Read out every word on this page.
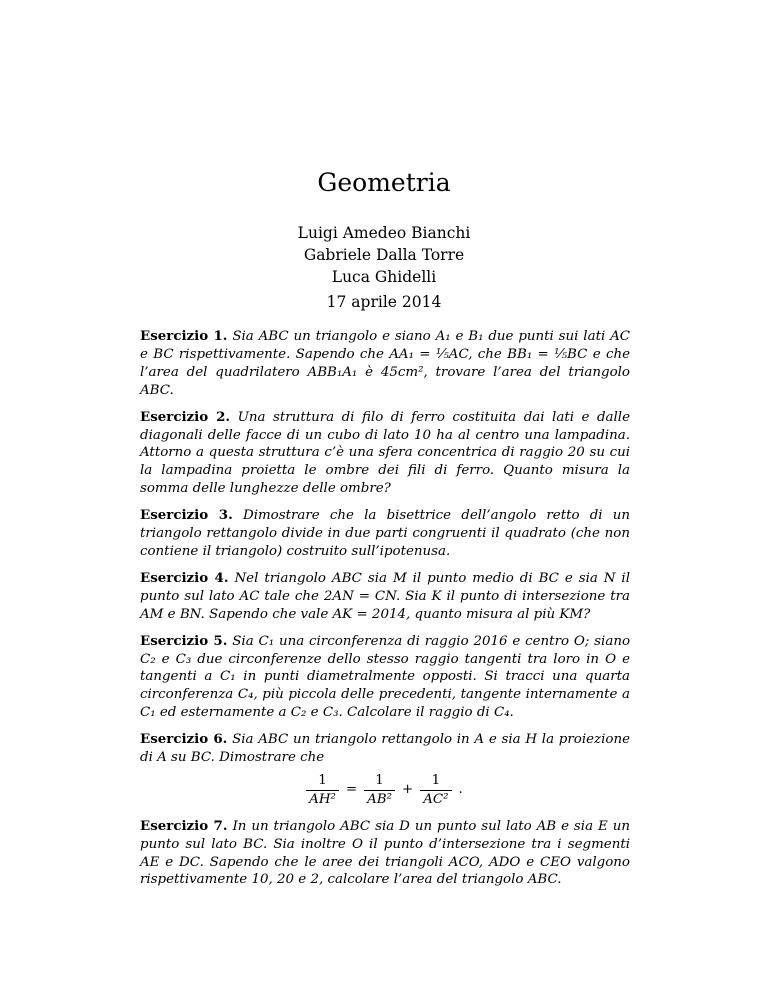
Geometria
Luigi Amedeo Bianchi
Gabriele Dalla Torre
Luca Ghidelli
17 aprile 2014

Esercizio 1. Sia ABC un triangolo e siano A₁ e B₁ due punti sui lati AC e BC rispettivamente. Sapendo che AA₁ = ⅕AC, che BB₁ = ⅕BC e che l’area del quadrilatero ABB₁A₁ è 45cm², trovare l’area del triangolo ABC.

Esercizio 2. Una struttura di filo di ferro costituita dai lati e dalle diagonali delle facce di un cubo di lato 10 ha al centro una lampadina. Attorno a questa struttura c’è una sfera concentrica di raggio 20 su cui la lampadina proietta le ombre dei fili di ferro. Quanto misura la somma delle lunghezze delle ombre?

Esercizio 3. Dimostrare che la bisettrice dell’angolo retto di un triangolo rettangolo divide in due parti congruenti il quadrato (che non contiene il triangolo) costruito sull’ipotenusa.

Esercizio 4. Nel triangolo ABC sia M il punto medio di BC e sia N il punto sul lato AC tale che 2AN = CN. Sia K il punto di intersezione tra AM e BN. Sapendo che vale AK = 2014, quanto misura al più KM?

Esercizio 5. Sia C₁ una circonferenza di raggio 2016 e centro O; siano C₂ e C₃ due circonferenze dello stesso raggio tangenti tra loro in O e tangenti a C₁ in punti diametralmente opposti. Si tracci una quarta circonferenza C₄, più piccola delle precedenti, tangente internamente a C₁ ed esternamente a C₂ e C₃. Calcolare il raggio di C₄.

Esercizio 6. Sia ABC un triangolo rettangolo in A e sia H la proiezione di A su BC. Dimostrare che
$\frac{1}{\text{AH²}} = \frac{1}{\text{AB²}} + \frac{1}{\text{AC²}}$ .

Esercizio 7. In un triangolo ABC sia D un punto sul lato AB e sia E un punto sul lato BC. Sia inoltre O il punto d’intersezione tra i segmenti AE e DC. Sapendo che le aree dei triangoli ACO, ADO e CEO valgono rispettivamente 10, 20 e 2, calcolare l’area del triangolo ABC.
